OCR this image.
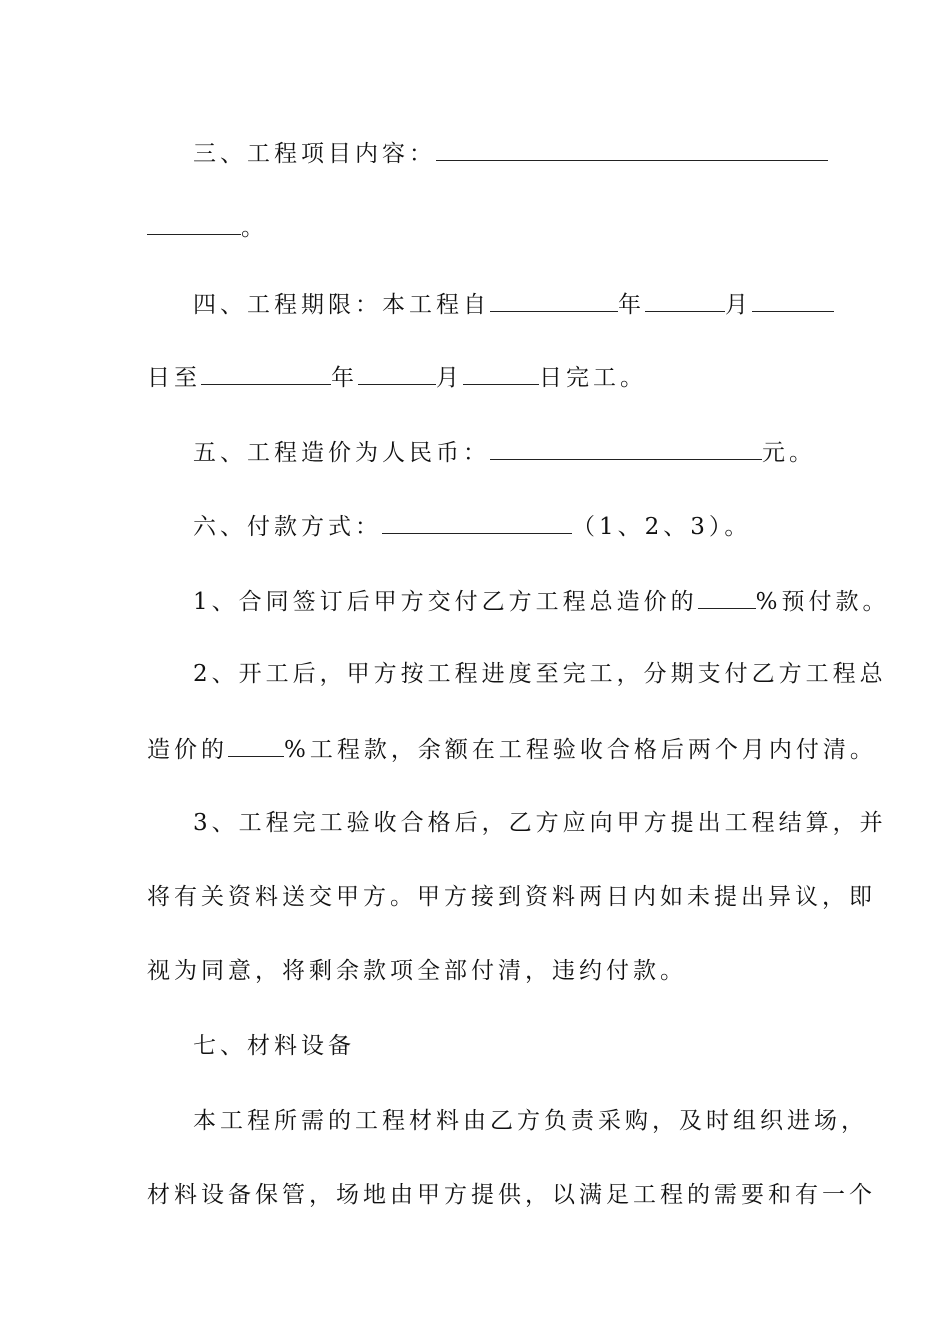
三、工程项目内容：
。
四、工程期限：本工程自	年	月
日至	年	月	日完工。
五、工程造价为人民币：	元。
六、付款方式：	（1、2、3）。
1、合同签订后甲方交付乙方工程总造价的	%预付款。
2、开工后，甲方按工程进度至完工，分期支付乙方工程总
造价的 %工程款，余额在工程验收合格后两个月内付清。
3、工程完工验收合格后，乙方应向甲方提出工程结算，并
将有关资料送交甲方。甲方接到资料两日内如未提出异议，即
视为同意，将剩余款项全部付清，违约付款。
七、材料设备
本工程所需的工程材料由乙方负责采购，及时组织进场，
材料设备保管，场地由甲方提供，以满足工程的需要和有一个
